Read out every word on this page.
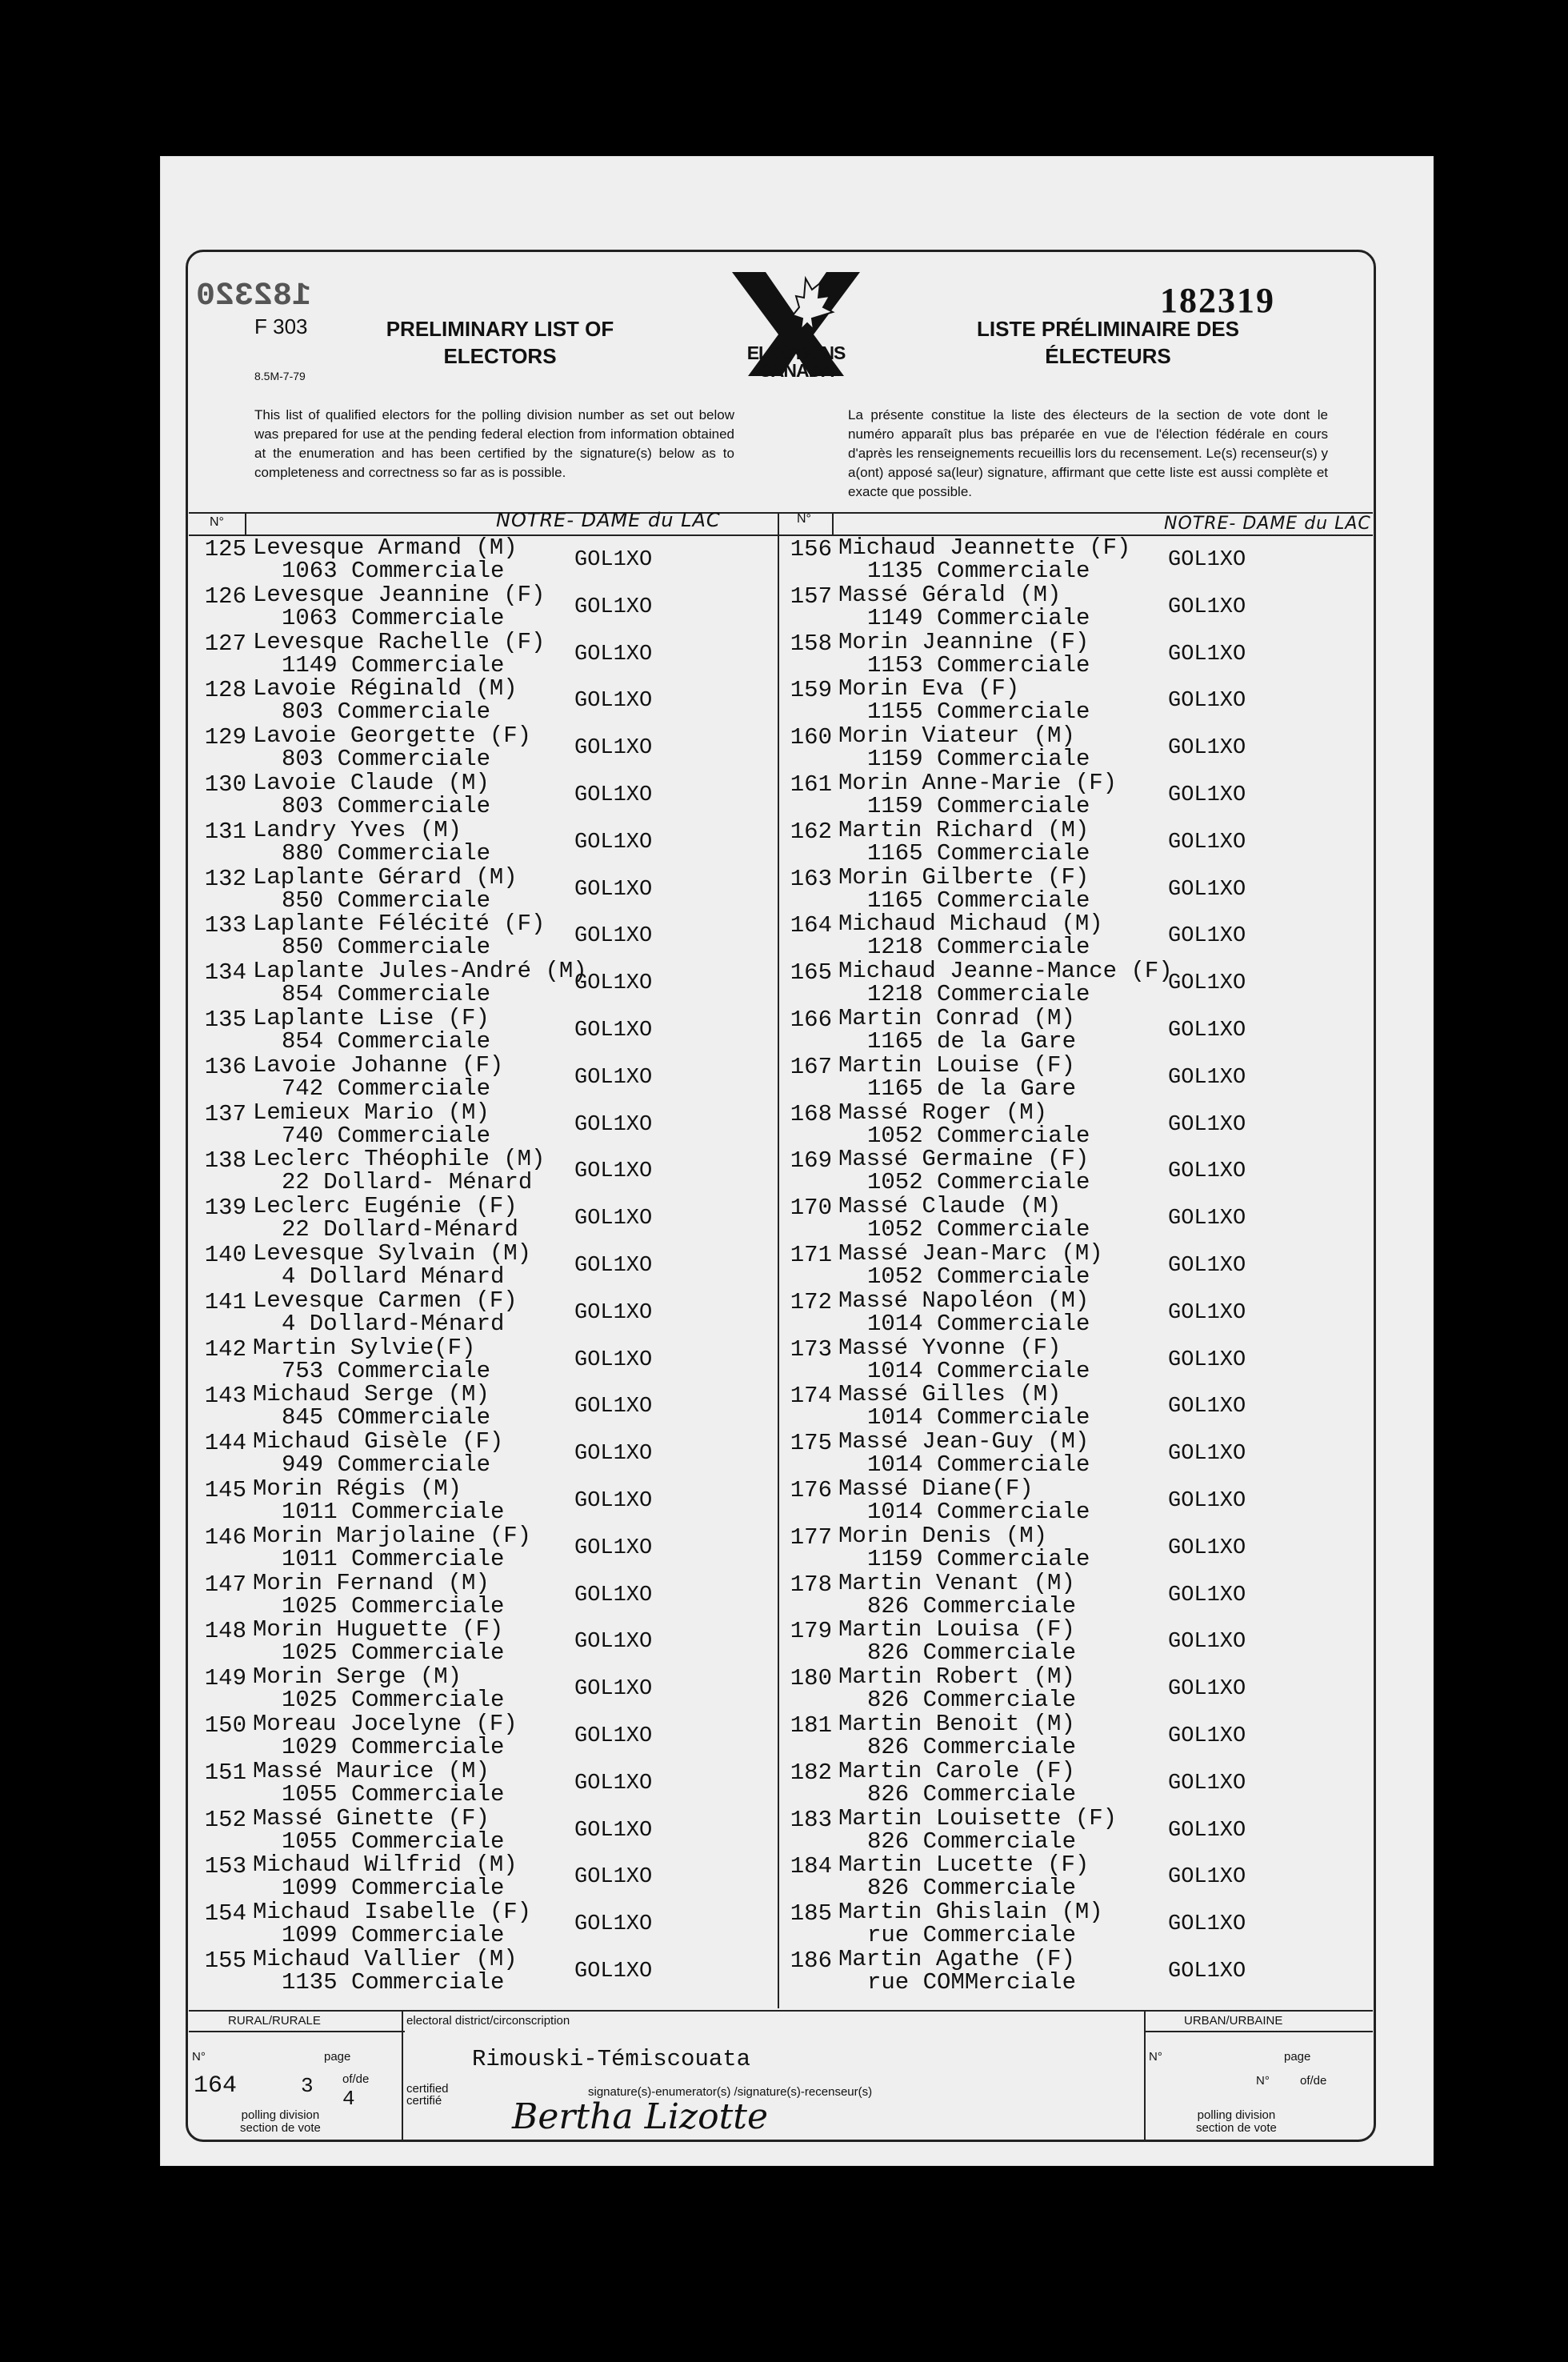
182320
F 303
8.5M-7-79
PRELIMINARY LIST OF
ELECTORS	ELECTIONS
CANADA
LISTE PRÉLIMINAIRE DES
ÉLECTEURS
182319
This list of qualified electors for the polling division number as set out below was prepared for use at the pending federal election from information obtained at the enumeration and has been certified by the signature(s) below as to completeness and correctness so far as is possible.
La présente constitue la liste des électeurs de la section de vote dont le numéro apparaît plus bas préparée en vue de l'élection fédérale en cours d'après les renseignements recueillis lors du recensement. Le(s) recenseur(s) y a(ont) apposé sa(leur) signature, affirmant que cette liste est aussi complète et exacte que possible.
N°	N°
NOTRE- DAME du LAC	NOTRE- DAME du LAC
125 Levesque Armand (M)
1063 Commerciale	GOL1XO
126 Levesque Jeannine (F)
1063 Commerciale	GOL1XO
127 Levesque Rachelle (F)
1149 Commerciale	GOL1XO
128 Lavoie Réginald (M)
803 Commerciale	GOL1XO
129 Lavoie Georgette (F)
803 Commerciale	GOL1XO
130 Lavoie Claude (M)
803 Commerciale	GOL1XO
131 Landry Yves (M)
880 Commerciale	GOL1XO
132 Laplante Gérard (M)
850 Commerciale	GOL1XO
133 Laplante Félécité (F)
850 Commerciale	GOL1XO
134 Laplante Jules-André (M)
854 Commerciale	GOL1XO
135 Laplante Lise (F)
854 Commerciale	GOL1XO
136 Lavoie Johanne (F)
742 Commerciale	GOL1XO
137 Lemieux Mario (M)
740 Commerciale	GOL1XO
138 Leclerc Théophile (M)
22 Dollard- Ménard GOL1XO
139 Leclerc Eugénie (F)
22 Dollard-Ménard	GOL1XO
140 Levesque Sylvain (M)
4 Dollard Ménard	GOL1XO
141 Levesque Carmen (F)
4 Dollard-Ménard	GOL1XO
142 Martin Sylvie(F)
753 Commerciale	GOL1XO
143 Michaud Serge (M)
845 COmmerciale	GOL1XO
144 Michaud Gisèle (F)
949 Commerciale	GOL1XO
145 Morin Régis (M)
1011 Commerciale	GOL1XO
146 Morin Marjolaine (F)
1011 Commerciale	GOL1XO
147 Morin Fernand (M)
1025 Commerciale	GOL1XO
148 Morin Huguette (F)
1025 Commerciale	GOL1XO
149 Morin Serge (M)
1025 Commerciale	GOL1XO
150 Moreau Jocelyne (F)
1029 Commerciale	GOL1XO
151 Massé Maurice (M)
1055 Commerciale	GOL1XO
152 Massé Ginette (F)
1055 Commerciale	GOL1XO
153 Michaud Wilfrid (M)
1099 Commerciale	GOL1XO
154 Michaud Isabelle (F)
1099 Commerciale	GOL1XO
155 Michaud Vallier (M)
1135 Commerciale	GOL1XO
156 Michaud Jeannette (F)
1135 Commerciale	GOL1XO
157 Massé Gérald (M)
1149 Commerciale	GOL1XO
158 Morin Jeannine (F)
1153 Commerciale	GOL1XO
159 Morin Eva (F)
1155 Commerciale	GOL1XO
160 Morin Viateur (M)
1159 Commerciale	GOL1XO
161 Morin Anne-Marie (F)
1159 Commerciale	GOL1XO
162 Martin Richard (M)
1165 Commerciale	GOL1XO
163 Morin Gilberte (F)
1165 Commerciale	GOL1XO
164 Michaud Michaud (M)
1218 Commerciale	GOL1XO
165 Michaud Jeanne-Mance (F)
1218 Commerciale	GOL1XO
166 Martin Conrad (M)
1165 de la Gare	GOL1XO
167 Martin Louise (F)
1165 de la Gare	GOL1XO
168 Massé Roger (M)
1052 Commerciale	GOL1XO
169 Massé Germaine (F)
1052 Commerciale	GOL1XO
170 Massé Claude (M)
1052 Commerciale	GOL1XO
171 Massé Jean-Marc (M)
1052 Commerciale	GOL1XO
172 Massé Napoléon (M)
1014 Commerciale	GOL1XO
173 Massé Yvonne (F)
1014 Commerciale	GOL1XO
174 Massé Gilles (M)
1014 Commerciale	GOL1XO
175 Massé Jean-Guy (M)
1014 Commerciale	GOL1XO
176 Massé Diane(F)
1014 Commerciale	GOL1XO
177 Morin Denis (M)
1159 Commerciale	GOL1XO
178 Martin Venant (M)
826 Commerciale	GOL1XO
179 Martin Louisa (F)
826 Commerciale	GOL1XO
180 Martin Robert (M)
826 Commerciale	GOL1XO
181 Martin Benoit (M)
826 Commerciale	GOL1XO
182 Martin Carole (F)
826 Commerciale	GOL1XO
183 Martin Louisette (F)
826 Commerciale	GOL1XO
184 Martin Lucette (F)
826 Commerciale	GOL1XO
185 Martin Ghislain (M)
rue Commerciale	GOL1XO
186 Martin Agathe (F)
rue COMMerciale	GOL1XO
RURAL/RURALE
N°	page
164	3 of/de
4
polling division
section de vote
electoral district/circonscription
Rimouski-Témiscouata
certified
certifié
signature(s)-enumerator(s) /signature(s)-recenseur(s)
Bertha Lizotte
URBAN/URBAINE
N°	page
N°	of/de
polling division
section de vote
